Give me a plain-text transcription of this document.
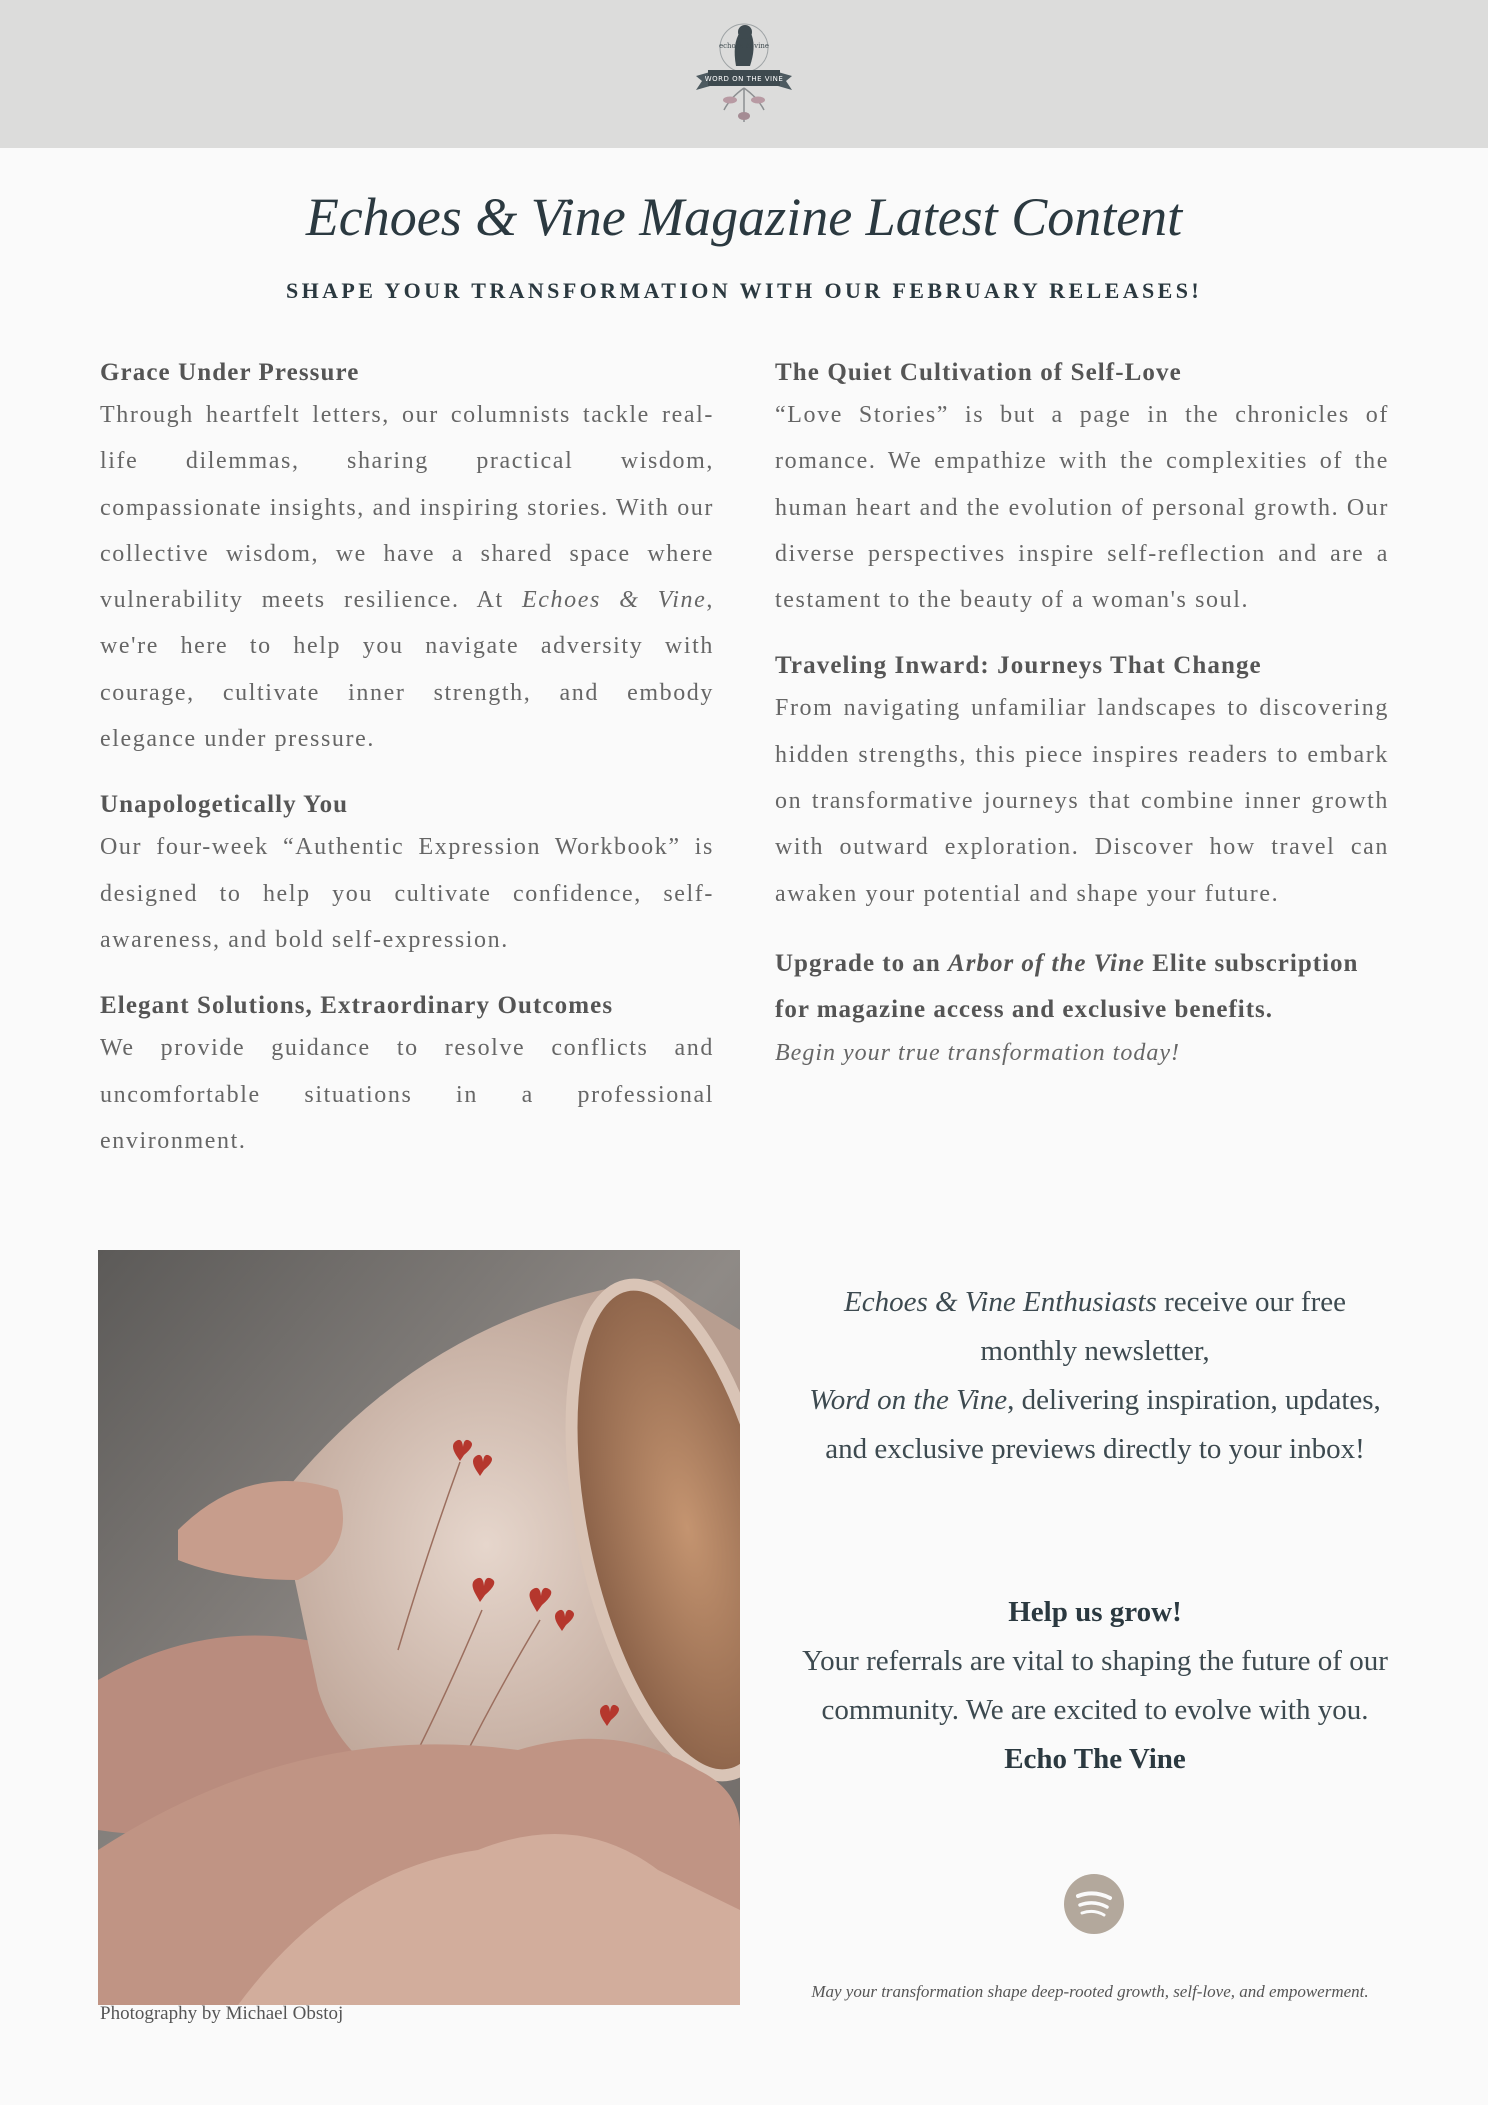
echoes & vine
WORD ON THE VINE
Echoes & Vine Magazine Latest Content
SHAPE YOUR TRANSFORMATION WITH OUR FEBRUARY RELEASES!
Grace Under Pressure

Through heartfelt letters, our columnists tackle real-life dilemmas, sharing practical wisdom, compassionate insights, and inspiring stories. With our collective wisdom, we have a shared space where vulnerability meets resilience. At Echoes & Vine, we're here to help you navigate adversity with courage, cultivate inner strength, and embody elegance under pressure.

Unapologetically You

Our four-week “Authentic Expression Workbook” is designed to help you cultivate confidence, self-awareness, and bold self-expression.

Elegant Solutions, Extraordinary Outcomes

We provide guidance to resolve conflicts and uncomfortable situations in a professional environment.

The Quiet Cultivation of Self-Love

“Love Stories” is but a page in the chronicles of romance. We empathize with the complexities of the human heart and the evolution of personal growth. Our diverse perspectives inspire self-reflection and are a testament to the beauty of a woman's soul.

Traveling Inward: Journeys That Change

From navigating unfamiliar landscapes to discovering hidden strengths, this piece inspires readers to embark on transformative journeys that combine inner growth with outward exploration. Discover how travel can awaken your potential and shape your future.

Upgrade to an Arbor of the Vine Elite subscription for magazine access and exclusive benefits.

Begin your true transformation today!

Photography by Michael Obstoj

Echoes & Vine Enthusiasts receive our free monthly newsletter,
Word on the Vine, delivering inspiration, updates, and exclusive previews directly to your inbox!

Help us grow!

Your referrals are vital to shaping the future of our community. We are excited to evolve with you.

Echo The Vine

May your transformation shape deep-rooted growth, self-love, and empowerment.
